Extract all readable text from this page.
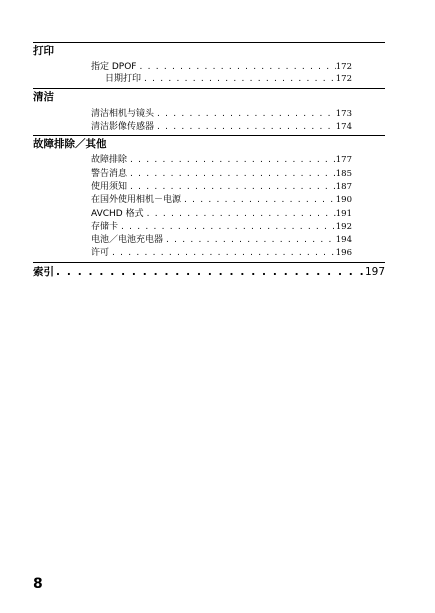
打印
指定 DPOF . . .	172
日期打印 . . .	172
清洁
清洁相机与镜头 . . .	173
清洁影像传感器 . . .	174
故障排除／其他
故障排除 . . .	177
警告消息 . . .	185
使用须知 . . .	187
在国外使用相机－电源 . . .	190
AVCHD 格式 . . .	191
存储卡 . . .	192
电池／电池充电器 . . .	194
许可 . . .	196
索引 . . .	197
8
